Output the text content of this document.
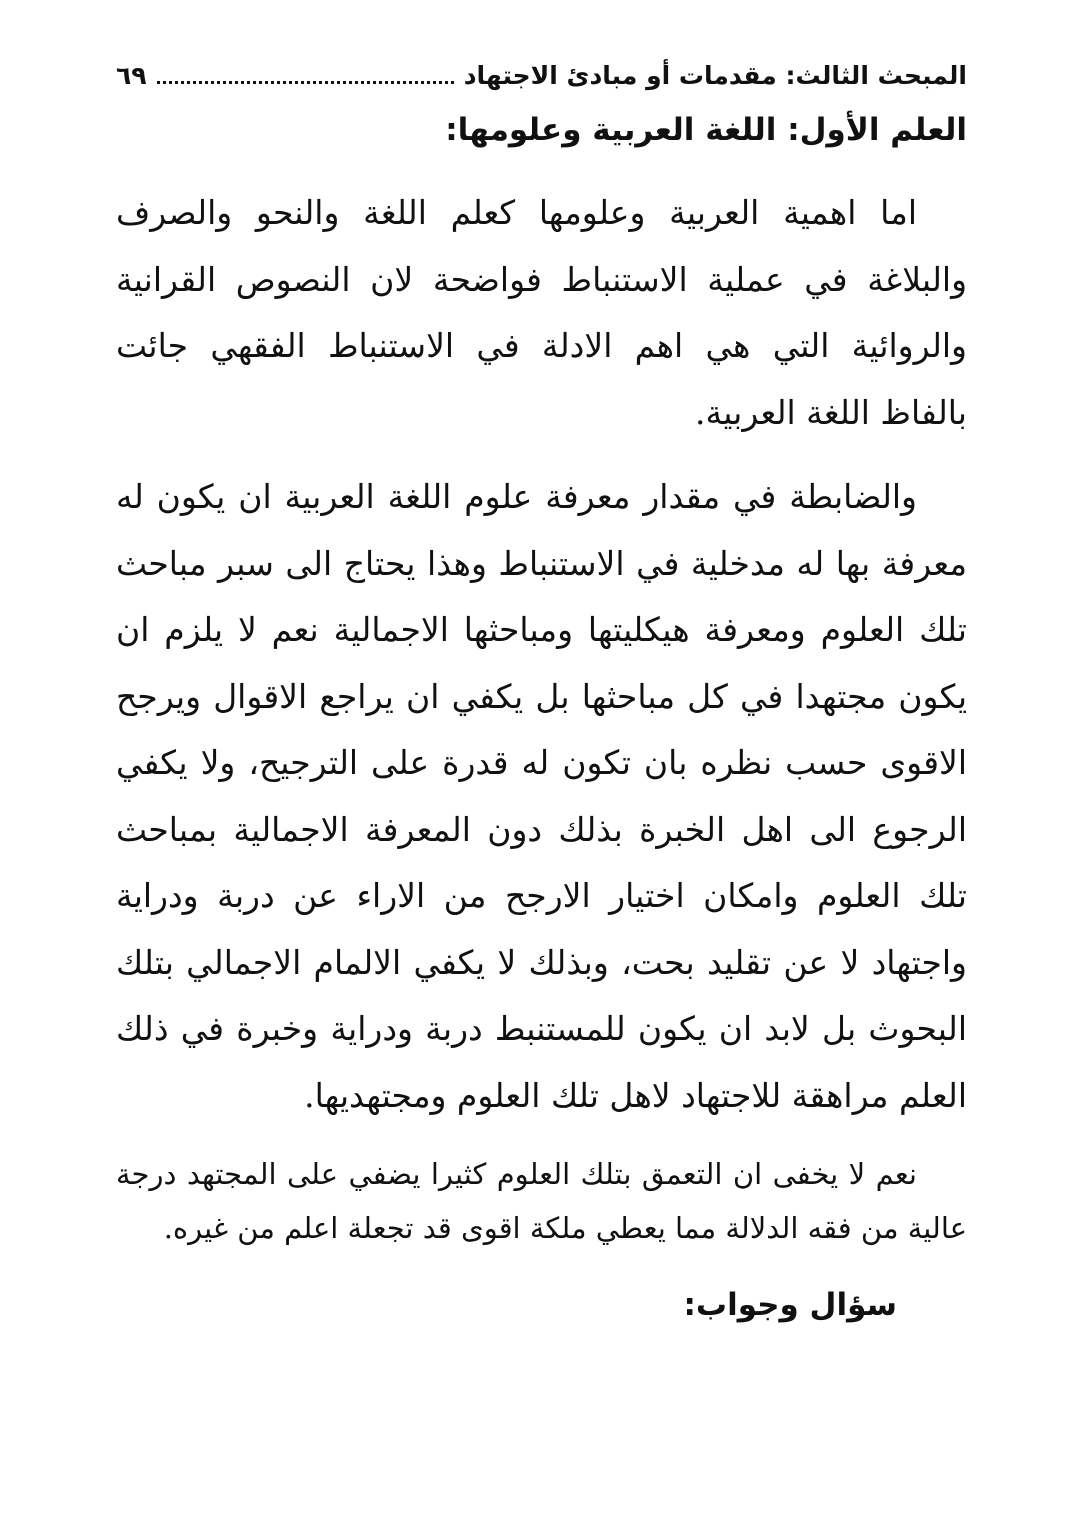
المبحث الثالث: مقدمات أو مبادئ الاجتهاد
٦٩
العلم الأول: اللغة العربية وعلومها:

اما اهمية العربية وعلومها كعلم اللغة والنحو والصرف والبلاغة في عملية الاستنباط فواضحة لان النصوص القرانية والروائية التي هي اهم الادلة في الاستنباط الفقهي جائت بالفاظ اللغة العربية.

والضابطة في مقدار معرفة علوم اللغة العربية ان يكون له معرفة بها له مدخلية في الاستنباط وهذا يحتاج الى سبر مباحث تلك العلوم ومعرفة هيكليتها ومباحثها الاجمالية نعم لا يلزم ان يكون مجتهدا في كل مباحثها بل يكفي ان يراجع الاقوال ويرجح الاقوى حسب نظره بان تكون له قدرة على الترجيح، ولا يكفي الرجوع الى اهل الخبرة بذلك دون المعرفة الاجمالية بمباحث تلك العلوم وامكان اختيار الارجح من الاراء عن دربة ودراية واجتهاد لا عن تقليد بحت، وبذلك لا يكفي الالمام الاجمالي بتلك البحوث بل لابد ان يكون للمستنبط دربة ودراية وخبرة في ذلك العلم مراهقة للاجتهاد لاهل تلك العلوم ومجتهديها.

نعم لا يخفى ان التعمق بتلك العلوم كثيرا يضفي على المجتهد درجة عالية من فقه الدلالة مما يعطي ملكة اقوى قد تجعلة اعلم من غيره.

سؤال وجواب:
